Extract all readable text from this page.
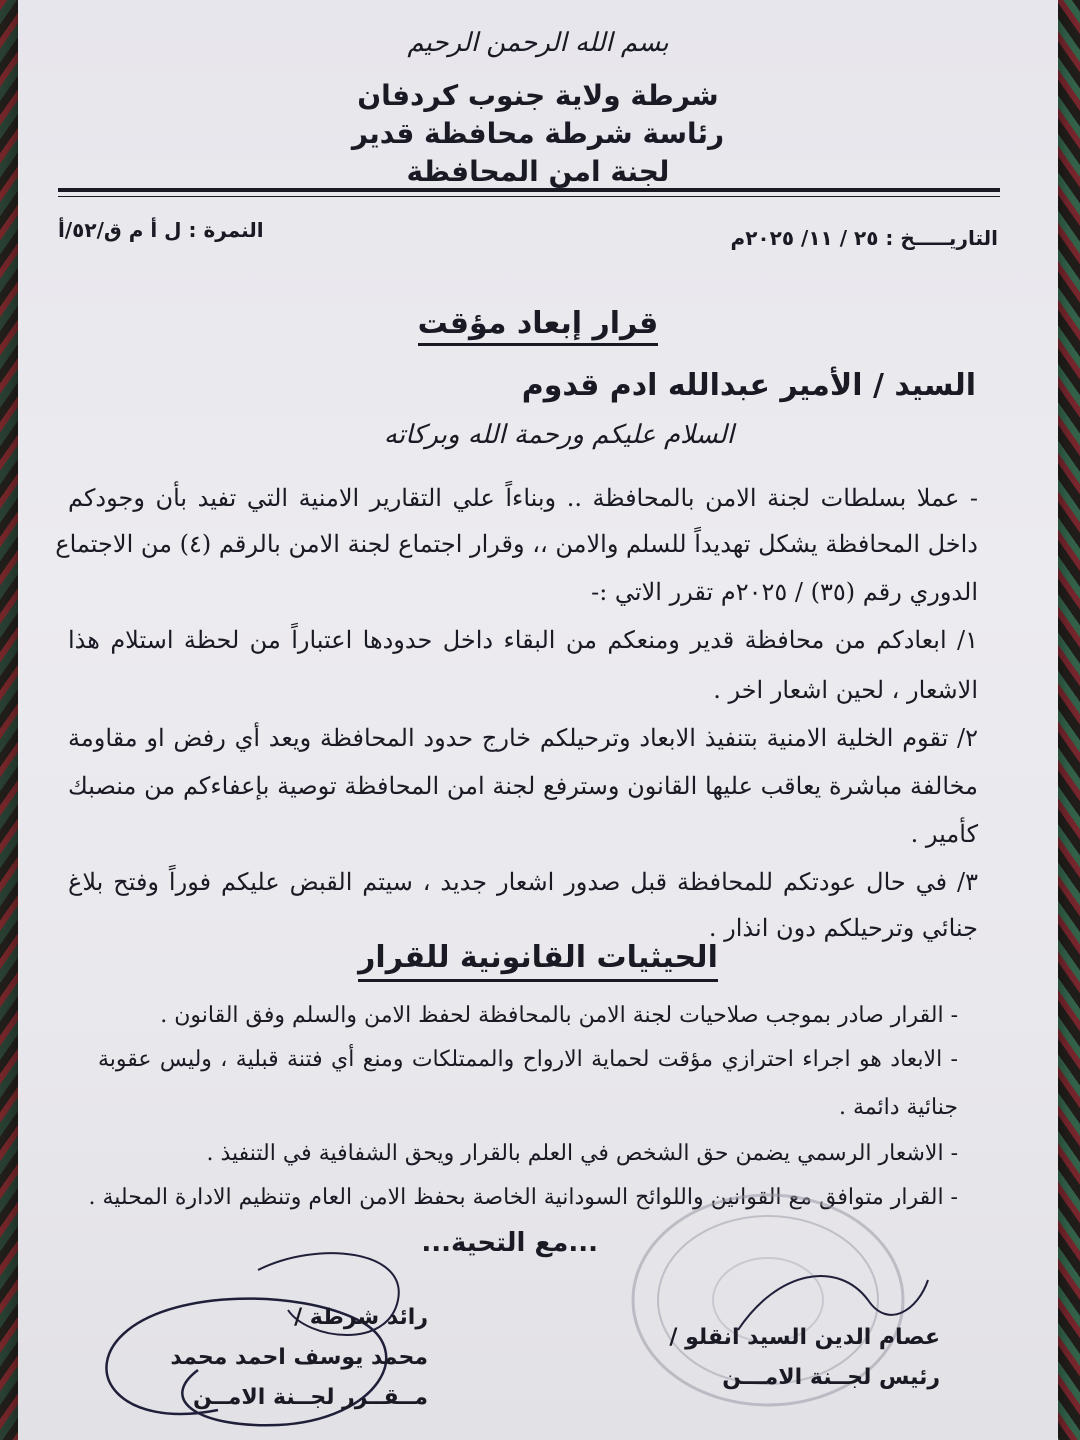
بسم الله الرحمن الرحيم
شرطة ولاية جنوب كردفان
رئاسة شرطة محافظة قدير
لجنة امن المحافظة
التاريـــــخ : ٢٥ / ١١/ ٢٠٢٥م
النمرة : ل أ م ق/٥٢/أ
قرار إبعاد مؤقت
السيد / الأمير عبدالله ادم قدوم
السلام عليكم ورحمة الله وبركاته
- عملا بسلطات لجنة الامن بالمحافظة .. وبناءاً علي التقارير الامنية التي تفيد بأن وجودكم
داخل المحافظة يشكل تهديداً للسلم والامن ،، وقرار اجتماع لجنة الامن بالرقم (٤) من الاجتماع
الدوري رقم (٣٥) / ٢٠٢٥م تقرر الاتي :-
١/ ابعادكم من محافظة قدير ومنعكم من البقاء داخل حدودها اعتباراً من لحظة استلام هذا
الاشعار ، لحين اشعار اخر .
٢/ تقوم الخلية الامنية بتنفيذ الابعاد وترحيلكم خارج حدود المحافظة ويعد أي رفض او مقاومة
مخالفة مباشرة يعاقب عليها القانون وسترفع لجنة امن المحافظة توصية بإعفاءكم من منصبك
كأمير .
٣/ في حال عودتكم للمحافظة قبل صدور اشعار جديد ، سيتم القبض عليكم فوراً وفتح بلاغ
جنائي وترحيلكم دون انذار .
الحيثيات القانونية للقرار
- القرار صادر بموجب صلاحيات لجنة الامن بالمحافظة لحفظ الامن والسلم وفق القانون .
- الابعاد هو اجراء احترازي مؤقت لحماية الارواح والممتلكات ومنع أي فتنة قبلية ، وليس عقوبة
جنائية دائمة .
- الاشعار الرسمي يضمن حق الشخص في العلم بالقرار ويحق الشفافية في التنفيذ .
- القرار متوافق مع القوانين واللوائح السودانية الخاصة بحفظ الامن العام وتنظيم الادارة المحلية .
...مع التحية...
عصام الدين السيد انقلو /
رئيس لجــنة الامـــن
رائد شرطة /
محمد يوسف احمد محمد
مــقــرر لجــنة الامــن
